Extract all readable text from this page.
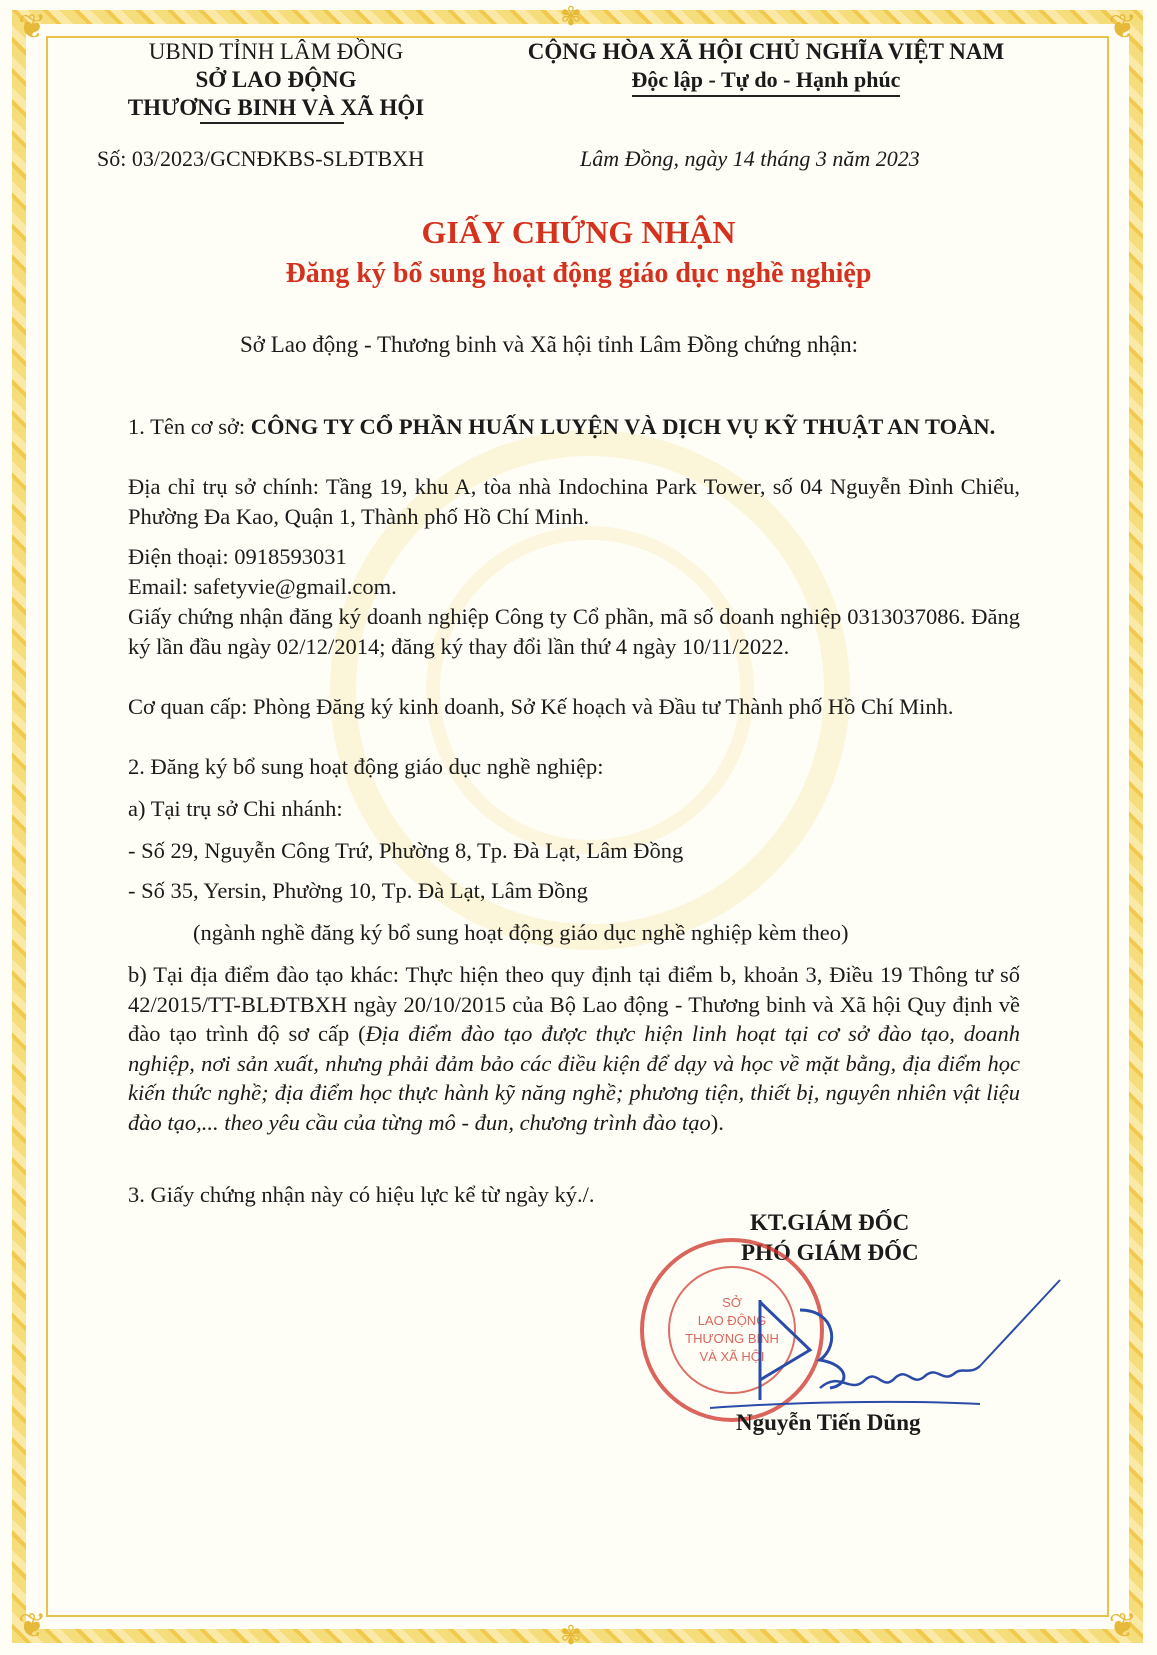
❦	❦
❦	❦
✾
✾
UBND TỈNH LÂM ĐỒNG
SỞ LAO ĐỘNG
THƯƠNG BINH VÀ XÃ HỘI
CỘNG HÒA XÃ HỘI CHỦ NGHĨA VIỆT NAM
Độc lập - Tự do - Hạnh phúc
Số: 03/2023/GCNĐKBS-SLĐTBXH	Lâm Đồng, ngày 14 tháng 3 năm 2023
GIẤY CHỨNG NHẬN
Đăng ký bổ sung hoạt động giáo dục nghề nghiệp
Sở Lao động - Thương binh và Xã hội tỉnh Lâm Đồng chứng nhận:
1. Tên cơ sở: CÔNG TY CỔ PHẦN HUẤN LUYỆN VÀ DỊCH VỤ KỸ THUẬT AN TOÀN.
Địa chỉ trụ sở chính: Tầng 19, khu A, tòa nhà Indochina Park Tower, số 04 Nguyễn Đình Chiểu, Phường Đa Kao, Quận 1, Thành phố Hồ Chí Minh.
Điện thoại: 0918593031
Email: safetyvie@gmail.com.
Giấy chứng nhận đăng ký doanh nghiệp Công ty Cổ phần, mã số doanh nghiệp 0313037086. Đăng ký lần đầu ngày 02/12/2014; đăng ký thay đổi lần thứ 4 ngày 10/11/2022.
Cơ quan cấp: Phòng Đăng ký kinh doanh, Sở Kế hoạch và Đầu tư Thành phố Hồ Chí Minh.
2. Đăng ký bổ sung hoạt động giáo dục nghề nghiệp:
a) Tại trụ sở Chi nhánh:
- Số 29, Nguyễn Công Trứ, Phường 8, Tp. Đà Lạt, Lâm Đồng
- Số 35, Yersin, Phường 10, Tp. Đà Lạt, Lâm Đồng
(ngành nghề đăng ký bổ sung hoạt động giáo dục nghề nghiệp kèm theo)
b) Tại địa điểm đào tạo khác: Thực hiện theo quy định tại điểm b, khoản 3, Điều 19 Thông tư số 42/2015/TT-BLĐTBXH ngày 20/10/2015 của Bộ Lao động - Thương binh và Xã hội Quy định về đào tạo trình độ sơ cấp (Địa điểm đào tạo được thực hiện linh hoạt tại cơ sở đào tạo, doanh nghiệp, nơi sản xuất, nhưng phải đảm bảo các điều kiện để dạy và học về mặt bằng, địa điểm học kiến thức nghề; địa điểm học thực hành kỹ năng nghề; phương tiện, thiết bị, nguyên nhiên vật liệu đào tạo,... theo yêu cầu của từng mô - đun, chương trình đào tạo).
3. Giấy chứng nhận này có hiệu lực kể từ ngày ký./.
KT.GIÁM ĐỐC
PHÓ GIÁM ĐỐC
SỞ
LAO ĐỘNG
THƯƠNG BINH
VÀ XÃ HỘI
Nguyễn Tiến Dũng
